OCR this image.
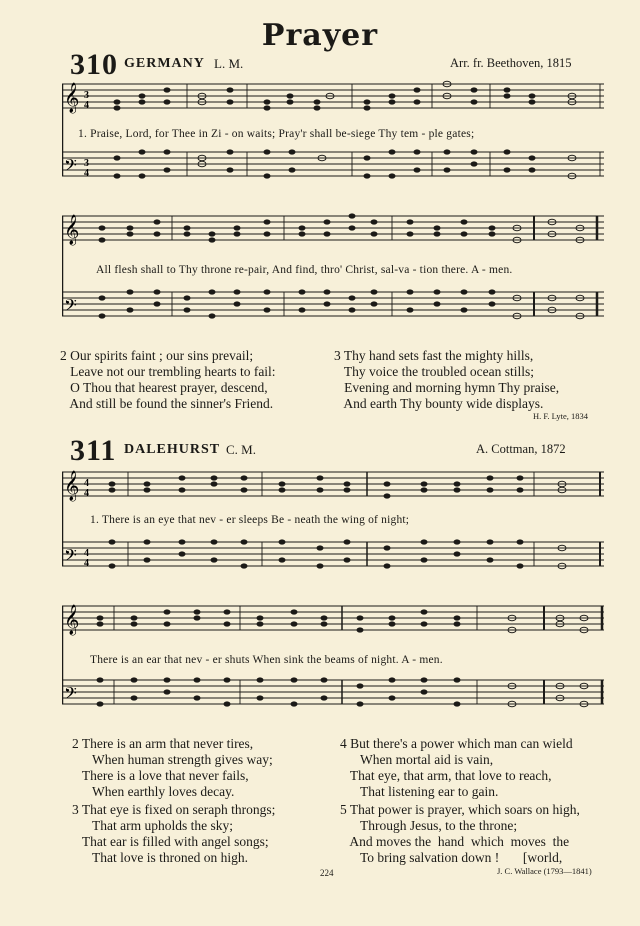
Prayer
310 GERMANY L. M.	Arr. fr. Beethoven, 1815
𝄞
𝄢
3
4
3
4
1. Praise, Lord, for Thee in Zi - on waits; Pray'r shall be-siege Thy tem - ple gates;
𝄞
𝄢
All flesh shall to Thy throne re-pair, And find, thro' Christ, sal-va - tion there. A - men.
2 Our spirits faint ; our sins prevail;
Leave not our trembling hearts to fail:
O Thou that hearest prayer, descend,
And still be found the sinner's Friend.
3 Thy hand sets fast the mighty hills,
Thy voice the troubled ocean stills;
Evening and morning hymn Thy praise,
And earth Thy bounty wide displays.
H. F. Lyte, 1834
311 DALEHURST C. M.	A. Cottman, 1872
𝄞
𝄢
4
4
4
4
1. There is an eye that nev - er sleeps Be - neath the wing of night;
𝄞
𝄢
There is an ear that nev - er shuts When sink the beams of night. A - men.
2 There is an arm that never tires,
When human strength gives way;
There is a love that never fails,
When earthly loves decay.
3 That eye is fixed on seraph throngs;
That arm upholds the sky;
That ear is filled with angel songs;
That love is throned on high.
4 But there's a power which man can wield
When mortal aid is vain,
That eye, that arm, that love to reach,
That listening ear to gain.
5 That power is prayer, which soars on high,
Through Jesus, to the throne;
And moves the  hand  which  moves  the
To bring salvation down !       [world,
J. C. Wallace (1793—1841)
224
